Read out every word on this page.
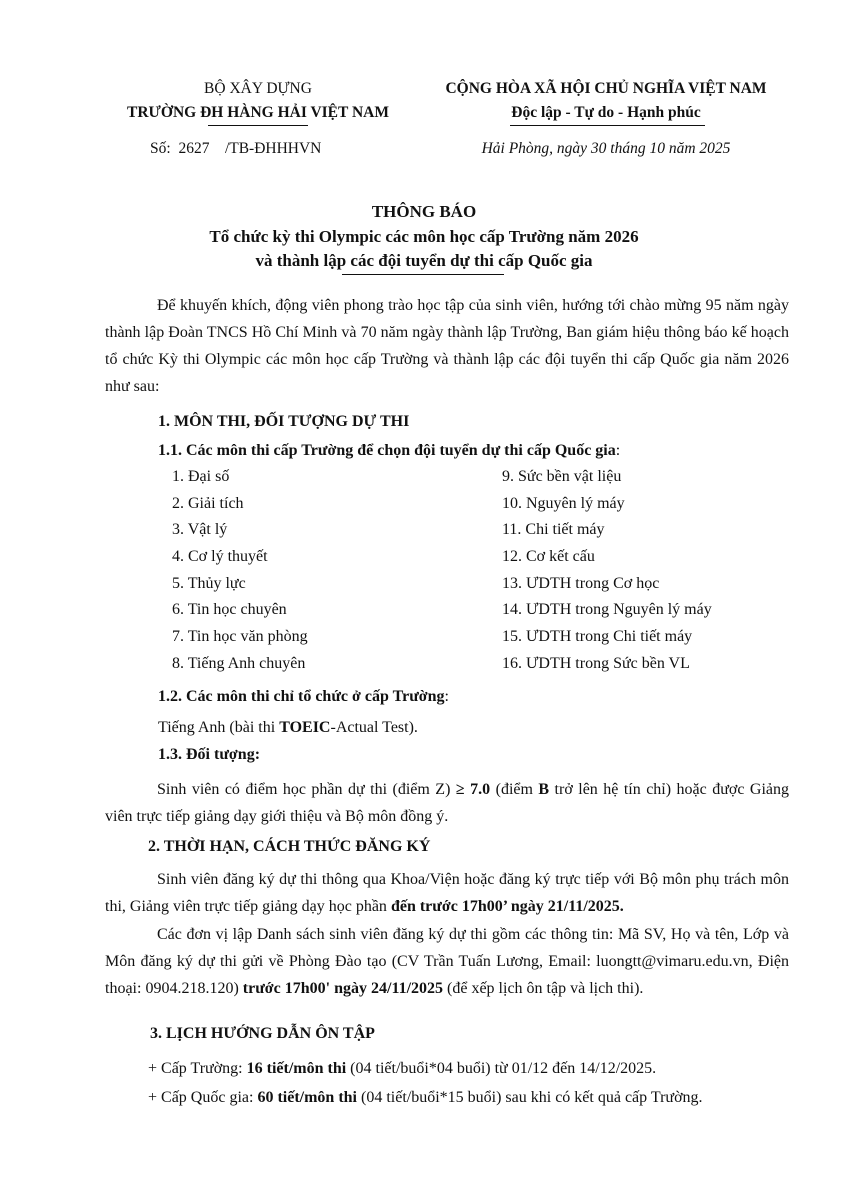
BỘ XÂY DỰNG
TRƯỜNG ĐH HÀNG HẢI VIỆT NAM
Số: 2627 /TB-ĐHHHVN
CỘNG HÒA XÃ HỘI CHỦ NGHĨA VIỆT NAM
Độc lập - Tự do - Hạnh phúc
Hải Phòng, ngày 30 tháng 10 năm 2025
THÔNG BÁO
Tổ chức kỳ thi Olympic các môn học cấp Trường năm 2026
và thành lập các đội tuyển dự thi cấp Quốc gia
Để khuyến khích, động viên phong trào học tập của sinh viên, hướng tới chào mừng 95 năm ngày thành lập Đoàn TNCS Hồ Chí Minh và 70 năm ngày thành lập Trường, Ban giám hiệu thông báo kế hoạch tổ chức Kỳ thi Olympic các môn học cấp Trường và thành lập các đội tuyển thi cấp Quốc gia năm 2026 như sau:
1. MÔN THI, ĐỐI TƯỢNG DỰ THI
1.1. Các môn thi cấp Trường để chọn đội tuyển dự thi cấp Quốc gia:
1. Đại số
2. Giải tích
3. Vật lý
4. Cơ lý thuyết
5. Thủy lực
6. Tin học chuyên
7. Tin học văn phòng
8. Tiếng Anh chuyên
9. Sức bền vật liệu
10. Nguyên lý máy
11. Chi tiết máy
12. Cơ kết cấu
13. ƯDTH trong Cơ học
14. ƯDTH trong Nguyên lý máy
15. ƯDTH trong Chi tiết máy
16. ƯDTH trong Sức bền VL
1.2. Các môn thi chỉ tổ chức ở cấp Trường:
Tiếng Anh (bài thi TOEIC-Actual Test).
1.3. Đối tượng:
Sinh viên có điểm học phần dự thi (điểm Z) ≥ 7.0 (điểm B trở lên hệ tín chỉ) hoặc được Giảng viên trực tiếp giảng dạy giới thiệu và Bộ môn đồng ý.
2. THỜI HẠN, CÁCH THỨC ĐĂNG KÝ
Sinh viên đăng ký dự thi thông qua Khoa/Viện hoặc đăng ký trực tiếp với Bộ môn phụ trách môn thi, Giảng viên trực tiếp giảng dạy học phần đến trước 17h00’ ngày 21/11/2025.
Các đơn vị lập Danh sách sinh viên đăng ký dự thi gồm các thông tin: Mã SV, Họ và tên, Lớp và Môn đăng ký dự thi gửi về Phòng Đào tạo (CV Trần Tuấn Lương, Email: luongtt@vimaru.edu.vn, Điện thoại: 0904.218.120) trước 17h00' ngày 24/11/2025 (để xếp lịch ôn tập và lịch thi).
3. LỊCH HƯỚNG DẪN ÔN TẬP
+ Cấp Trường: 16 tiết/môn thi (04 tiết/buổi*04 buổi) từ 01/12 đến 14/12/2025.
+ Cấp Quốc gia: 60 tiết/môn thi (04 tiết/buổi*15 buổi) sau khi có kết quả cấp Trường.
